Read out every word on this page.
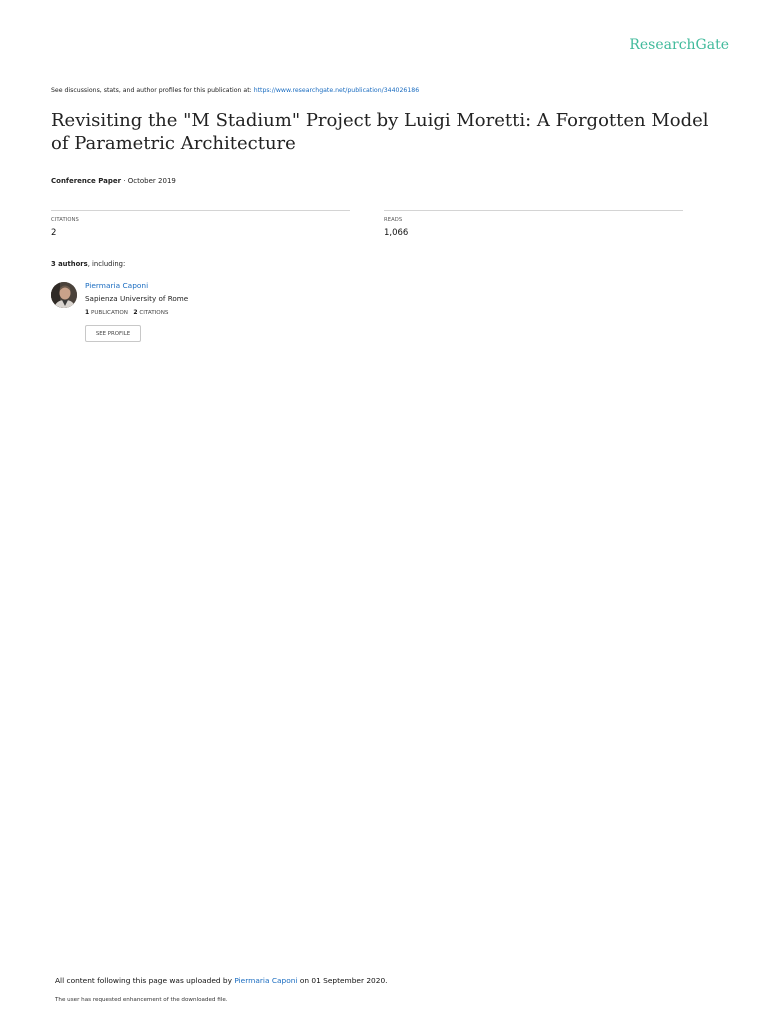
ResearchGate
See discussions, stats, and author profiles for this publication at: https://www.researchgate.net/publication/344026186
Revisiting the "M Stadium" Project by Luigi Moretti: A Forgotten Model of Parametric Architecture
Conference Paper · October 2019
CITATIONS
2
READS
1,066
3 authors, including:
Piermaria Caponi
Sapienza University of Rome
1 PUBLICATION 2 CITATIONS
SEE PROFILE
All content following this page was uploaded by Piermaria Caponi on 01 September 2020.
The user has requested enhancement of the downloaded file.
